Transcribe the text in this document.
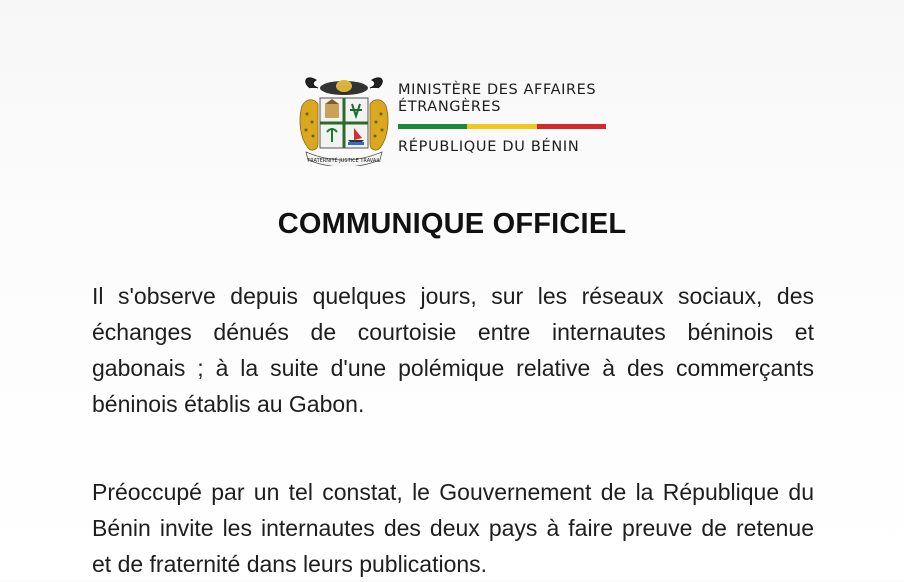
FRATERNITÉ JUSTICE TRAVAIL
MINISTÈRE DES AFFAIRES
ÉTRANGÈRES
RÉPUBLIQUE DU BÉNIN
COMMUNIQUE OFFICIEL
Il s'observe depuis quelques jours, sur les réseaux sociaux, des
échanges dénués de courtoisie entre internautes béninois et
gabonais ; à la suite d'une polémique relative à des commerçants
béninois établis au Gabon.
Préoccupé par un tel constat, le Gouvernement de la République du
Bénin invite les internautes des deux pays à faire preuve de retenue
et de fraternité dans leurs publications.
